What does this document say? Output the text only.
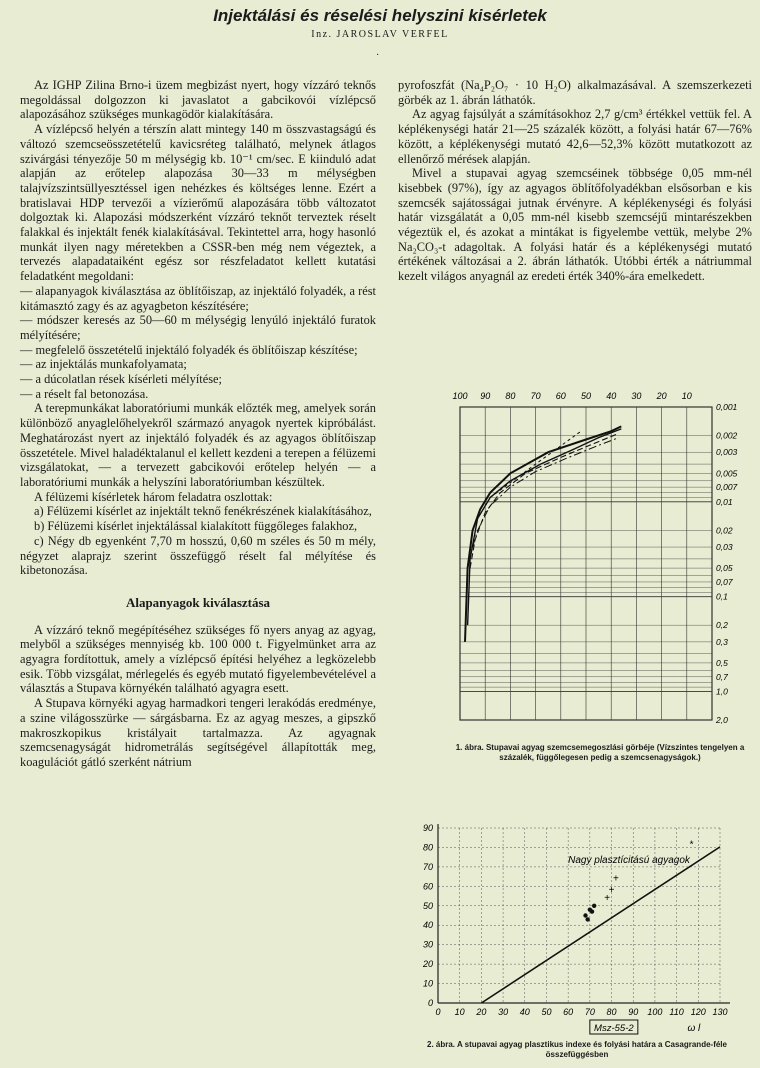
Injektálási és réselési helyszini kisérletek
Inz. JAROSLAV VERFEL
·

Az IGHP Zilina Brno-i üzem megbizást nyert, hogy vízzáró teknős megoldással dolgozzon ki javaslatot a gabcikovói vízlépcső alapozásához szükséges munkagödör kialakítására.

A vízlépcső helyén a térszín alatt mintegy 140 m összvastagságú és változó szemcseösszetételű kavicsréteg található, melynek átlagos szivárgási tényezője 50 m mélységig kb. 10⁻¹ cm/sec. E kiinduló adat alapján az erőtelep alapozása 30—33 m mélységben talajvízszintsüllyesztéssel igen nehézkes és költséges lenne. Ezért a bratislavai HDP tervezői a vízierőmű alapozására több változatot dolgoztak ki. Alapozási módszerként vízzáró teknőt terveztek réselt falakkal és injektált fenék kialakításával. Tekintettel arra, hogy hasonló munkát ilyen nagy méretekben a CSSR-ben még nem végeztek, a tervezés alapadataiként egész sor részfeladatot kellett kutatási feladatként megoldani:

— alapanyagok kiválasztása az öblítőiszap, az injektáló folyadék, a rést kitámasztó zagy és az agyagbeton készítésére;

— módszer keresés az 50—60 m mélységig lenyúló injektáló furatok mélyítésére;

— megfelelő összetételű injektáló folyadék és öblítőiszap készítése;

— az injektálás munkafolyamata;

— a dúcolatlan rések kísérleti mélyítése;

— a réselt fal betonozása.

A terepmunkákat laboratóriumi munkák előzték meg, amelyek során különböző anyaglelőhelyekről származó anyagok nyertek kipróbálást. Meghatározást nyert az injektáló folyadék és az agyagos öblítőiszap összetétele. Mivel haladéktalanul el kellett kezdeni a terepen a félüzemi vizsgálatokat, — a tervezett gabcikovói erőtelep helyén — a laboratóriumi munkák a helyszíni laboratóriumban készültek.

A félüzemi kísérletek három feladatra oszlottak:

a) Félüzemi kísérlet az injektált teknő fenékrészének kialakításához,

b) Félüzemi kísérlet injektálással kialakított függőleges falakhoz,

c) Négy db egyenként 7,70 m hosszú, 0,60 m széles és 50 m mély, négyzet alaprajz szerint összefüggő réselt fal mélyítése és kibetonozása.

Alapanyagok kiválasztása

A vízzáró teknő megépítéséhez szükséges fő nyers anyag az agyag, melyből a szükséges mennyiség kb. 100 000 t. Figyelmünket arra az agyagra fordítottuk, amely a vízlépcső építési helyéhez a legközelebb esik. Több vizsgálat, mérlegelés és egyéb mutató figyelembevételével a választás a Stupava környékén található agyagra esett.

A Stupava környéki agyag harmadkori tengeri lerakódás eredménye, a szine világosszürke — sárgásbarna. Ez az agyag meszes, a gipszkő makroszkopikus kristályait tartalmazza. Az agyagnak szemcsenagyságát hidrometrálás segítségével állapították meg, koagulációt gátló szerként nátrium

pyrofoszfát (Na₄P₂O₇ · 10 H₂O) alkalmazásával. A szemszerkezeti görbék az 1. ábrán láthatók.

Az agyag fajsúlyát a számításokhoz 2,7 g/cm³ értékkel vettük fel. A képlékenységi határ 21—25 százalék között, a folyási határ 67—76% között, a képlékenységi mutató 42,6—52,3% között mutatkozott az ellenőrző mérések alapján.

Mivel a stupavai agyag szemcséinek többsége 0,05 mm-nél kisebbek (97%), így az agyagos öblítőfolyadékban elsősorban e kis szemcsék sajátosságai jutnak érvényre. A képlékenységi és folyási határ vizsgálatát a 0,05 mm-nél kisebb szemcséjű mintarészekben végeztük el, és azokat a mintákat is figyelembe vettük, melybe 2% Na₂CO₃-t adagoltak. A folyási határ és a képlékenységi mutató értékének változásai a 2. ábrán láthatók. Utóbbi érték a nátriummal kezelt világos anyagnál az eredeti érték 340%-ára emelkedett.

100 90 80 70 60 50 40 30 20 10
0,001
0,002
0,003
0,005
0,007
0,01
0,02
0,03
0,05
0,07
0,1
0,2
0,3
0,5
0,7
1,0
2,0
1. ábra. Stupavai agyag szemcsemegoszlási görbéje (Vízszintes tengelyen a százalék, függőlegesen pedig a szemcsenagyságok.)
90
80
70
60
50
40
30
20
10
0
0 10 20 30 40 50 60 70 80 90 100 110 120 130
Nagy plasztícitású agyagok
*
+
+
+
Msz-55-2	ω l
2. ábra. A stupavai agyag plasztikus indexe és folyási határa a Casagrande-féle összefüggésben
